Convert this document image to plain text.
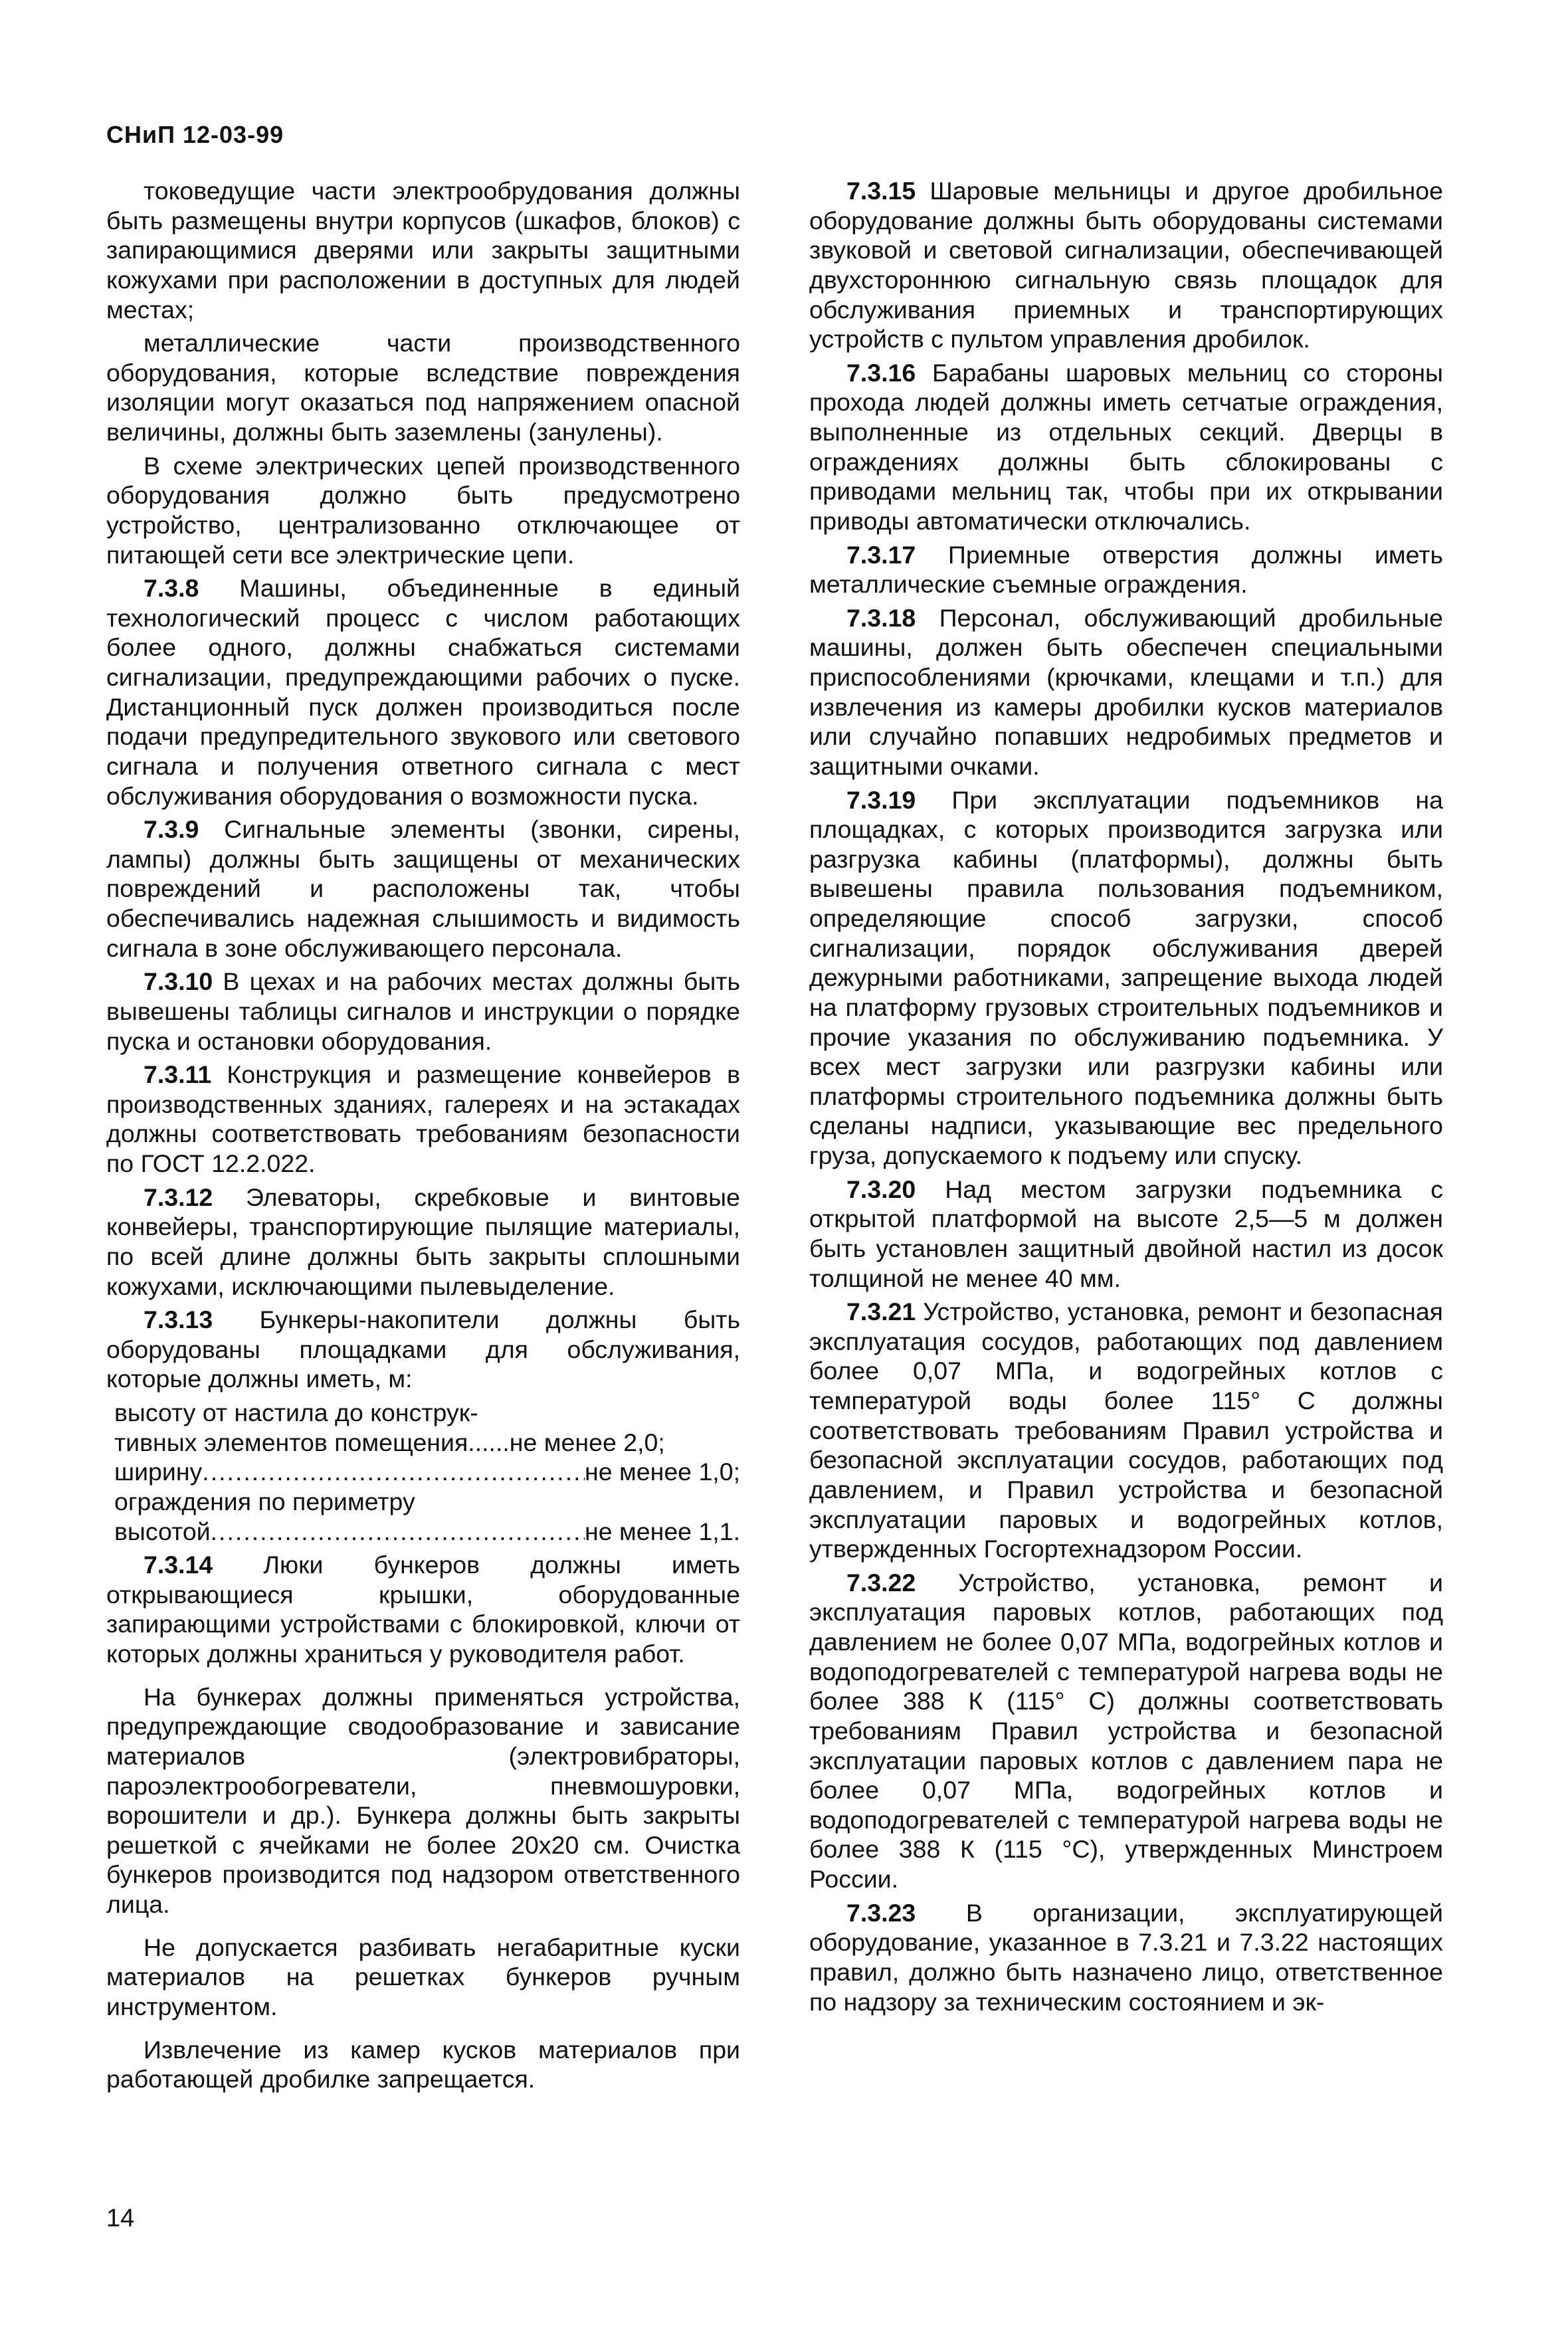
СНиП 12-03-99

токоведущие части электрообрудования должны быть размещены внутри корпусов (шкафов, блоков) с запирающимися дверями или закрыты защитными кожухами при расположении в доступных для людей местах;

металлические части производственного оборудования, которые вследствие повреждения изоляции могут оказаться под напряжением опасной величины, должны быть заземлены (занулены).

В схеме электрических цепей производственного оборудования должно быть предусмотрено устройство, централизованно отключающее от питающей сети все электрические цепи.

7.3.8 Машины, объединенные в единый технологический процесс с числом работающих более одного, должны снабжаться системами сигнализации, предупреждающими рабочих о пуске. Дистанционный пуск должен производиться после подачи предупредительного звукового или светового сигнала и получения ответного сигнала с мест обслуживания оборудования о возможности пуска.

7.3.9 Сигнальные элементы (звонки, сирены, лампы) должны быть защищены от механических повреждений и расположены так, чтобы обеспечивались надежная слышимость и видимость сигнала в зоне обслуживающего персонала.

7.3.10 В цехах и на рабочих местах должны быть вывешены таблицы сигналов и инструкции о порядке пуска и остановки оборудования.

7.3.11 Конструкция и размещение конвейеров в производственных зданиях, галереях и на эстакадах должны соответствовать требованиям безопасности по ГОСТ 12.2.022.

7.3.12 Элеваторы, скребковые и винтовые конвейеры, транспортирующие пылящие материалы, по всей длине должны быть закрыты сплошными кожухами, исключающими пылевыделение.

7.3.13 Бункеры-накопители должны быть оборудованы площадками для обслуживания, которые должны иметь, м:

высоту от настила до конструк-
тивных элементов помещения...... не менее 2,0;
ширину .....	не менее 1,0;
ограждения по периметру
высотой .....	не менее 1,1.

7.3.14 Люки бункеров должны иметь открывающиеся крышки, оборудованные запирающими устройствами с блокировкой, ключи от которых должны храниться у руководителя работ.

На бункерах должны применяться устройства, предупреждающие сводообразование и зависание материалов (электровибраторы, пароэлектрообогреватели, пневмошуровки, ворошители и др.). Бункера должны быть закрыты решеткой с ячейками не более 20x20 см. Очистка бункеров производится под надзором ответственного лица.

Не допускается разбивать негабаритные куски материалов на решетках бункеров ручным инструментом.

Извлечение из камер кусков материалов при работающей дробилке запрещается.

7.3.15 Шаровые мельницы и другое дробильное оборудование должны быть оборудованы системами звуковой и световой сигнализации, обеспечивающей двухстороннюю сигнальную связь площадок для обслуживания приемных и транспортирующих устройств с пультом управления дробилок.

7.3.16 Барабаны шаровых мельниц со стороны прохода людей должны иметь сетчатые ограждения, выполненные из отдельных секций. Дверцы в ограждениях должны быть сблокированы с приводами мельниц так, чтобы при их открывании приводы автоматически отключались.

7.3.17 Приемные отверстия должны иметь металлические съемные ограждения.

7.3.18 Персонал, обслуживающий дробильные машины, должен быть обеспечен специальными приспособлениями (крючками, клещами и т.п.) для извлечения из камеры дробилки кусков материалов или случайно попавших недробимых предметов и защитными очками.

7.3.19 При эксплуатации подъемников на площадках, с которых производится загрузка или разгрузка кабины (платформы), должны быть вывешены правила пользования подъемником, определяющие способ загрузки, способ сигнализации, порядок обслуживания дверей дежурными работниками, запрещение выхода людей на платформу грузовых строительных подъемников и прочие указания по обслуживанию подъемника. У всех мест загрузки или разгрузки кабины или платформы строительного подъемника должны быть сделаны надписи, указывающие вес предельного груза, допускаемого к подъему или спуску.

7.3.20 Над местом загрузки подъемника с открытой платформой на высоте 2,5—5 м должен быть установлен защитный двойной настил из досок толщиной не менее 40 мм.

7.3.21 Устройство, установка, ремонт и безопасная эксплуатация сосудов, работающих под давлением более 0,07 МПа, и водогрейных котлов с температурой воды более 115° С должны соответствовать требованиям Правил устройства и безопасной эксплуатации сосудов, работающих под давлением, и Правил устройства и безопасной эксплуатации паровых и водогрейных котлов, утвержденных Госгортехнадзором России.

7.3.22 Устройство, установка, ремонт и эксплуатация паровых котлов, работающих под давлением не более 0,07 МПа, водогрейных котлов и водоподогревателей с температурой нагрева воды не более 388 К (115° С) должны соответствовать требованиям Правил устройства и безопасной эксплуатации паровых котлов с давлением пара не более 0,07 МПа, водогрейных котлов и водоподогревателей с температурой нагрева воды не более 388 К (115 °С), утвержденных Минстроем России.

7.3.23 В организации, эксплуатирующей оборудование, указанное в 7.3.21 и 7.3.22 настоящих правил, должно быть назначено лицо, ответственное по надзору за техническим состоянием и эк-

14
